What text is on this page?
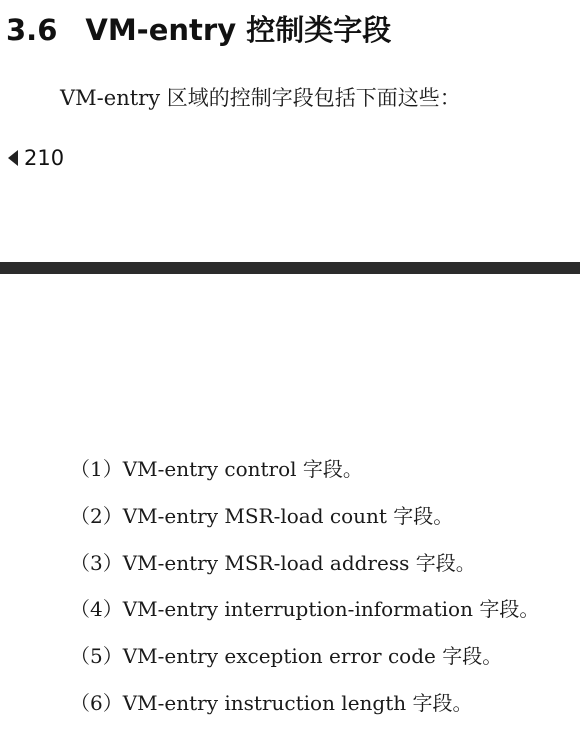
3.6 VM-entry 控制类字段
VM-entry 区域的控制字段包括下面这些：
210
（1）VM-entry control 字段。
（2）VM-entry MSR-load count 字段。
（3）VM-entry MSR-load address 字段。
（4）VM-entry interruption-information 字段。
（5）VM-entry exception error code 字段。
（6）VM-entry instruction length 字段。
